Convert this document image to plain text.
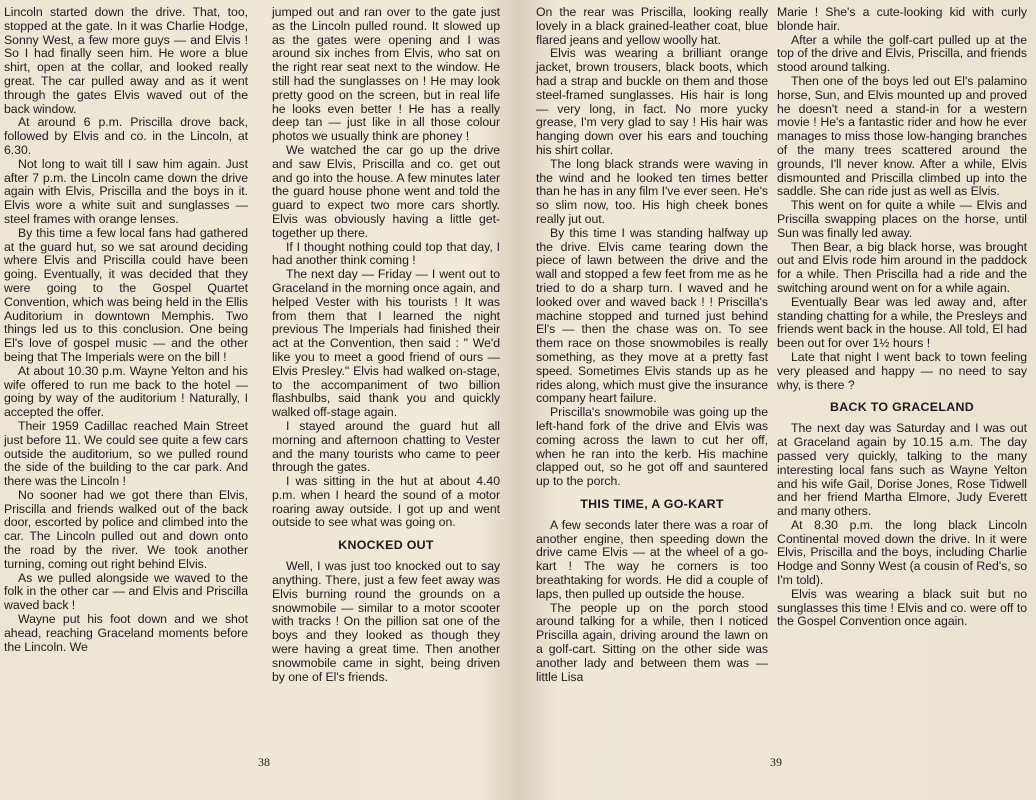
Lincoln started down the drive. That, too, stopped at the gate. In it was Charlie Hodge, Sonny West, a few more guys — and Elvis ! So I had finally seen him. He wore a blue shirt, open at the collar, and looked really great. The car pulled away and as it went through the gates Elvis waved out of the back window.

At around 6 p.m. Priscilla drove back, followed by Elvis and co. in the Lincoln, at 6.30.

Not long to wait till I saw him again. Just after 7 p.m. the Lincoln came down the drive again with Elvis, Priscilla and the boys in it. Elvis wore a white suit and sunglasses — steel frames with orange lenses.

By this time a few local fans had gathered at the guard hut, so we sat around deciding where Elvis and Priscilla could have been going. Eventually, it was decided that they were going to the Gospel Quartet Convention, which was being held in the Ellis Auditorium in downtown Memphis. Two things led us to this conclusion. One being El's love of gospel music — and the other being that The Imperials were on the bill !

At about 10.30 p.m. Wayne Yelton and his wife offered to run me back to the hotel — going by way of the auditorium ! Naturally, I accepted the offer.

Their 1959 Cadillac reached Main Street just before 11. We could see quite a few cars outside the auditorium, so we pulled round the side of the building to the car park. And there was the Lincoln !

No sooner had we got there than Elvis, Priscilla and friends walked out of the back door, escorted by police and climbed into the car. The Lincoln pulled out and down onto the road by the river. We took another turning, coming out right behind Elvis.

As we pulled alongside we waved to the folk in the other car — and Elvis and Priscilla waved back !

Wayne put his foot down and we shot ahead, reaching Graceland moments before the Lincoln. We

jumped out and ran over to the gate just as the Lincoln pulled round. It slowed up as the gates were opening and I was around six inches from Elvis, who sat on the right rear seat next to the window. He still had the sunglasses on ! He may look pretty good on the screen, but in real life he looks even better ! He has a really deep tan — just like in all those colour photos we usually think are phoney !

We watched the car go up the drive and saw Elvis, Priscilla and co. get out and go into the house. A few minutes later the guard house phone went and told the guard to expect two more cars shortly. Elvis was obviously having a little get-together up there.

If I thought nothing could top that day, I had another think coming !

The next day — Friday — I went out to Graceland in the morning once again, and helped Vester with his tourists ! It was from them that I learned the night previous The Imperials had finished their act at the Convention, then said : " We'd like you to meet a good friend of ours — Elvis Presley." Elvis had walked on-stage, to the accompaniment of two billion flashbulbs, said thank you and quickly walked off-stage again.

I stayed around the guard hut all morning and afternoon chatting to Vester and the many tourists who came to peer through the gates.

I was sitting in the hut at about 4.40 p.m. when I heard the sound of a motor roaring away outside. I got up and went outside to see what was going on.

KNOCKED OUT

Well, I was just too knocked out to say anything. There, just a few feet away was Elvis burning round the grounds on a snowmobile — similar to a motor scooter with tracks ! On the pillion sat one of the boys and they looked as though they were having a great time. Then another snowmobile came in sight, being driven by one of El's friends.

38

On the rear was Priscilla, looking really lovely in a black grained-leather coat, blue flared jeans and yellow woolly hat.

Elvis was wearing a brilliant orange jacket, brown trousers, black boots, which had a strap and buckle on them and those steel-framed sunglasses. His hair is long — very long, in fact. No more yucky grease, I'm very glad to say ! His hair was hanging down over his ears and touching his shirt collar.

The long black strands were waving in the wind and he looked ten times better than he has in any film I've ever seen. He's so slim now, too. His high cheek bones really jut out.

By this time I was standing halfway up the drive. Elvis came tearing down the piece of lawn between the drive and the wall and stopped a few feet from me as he tried to do a sharp turn. I waved and he looked over and waved back ! ! Priscilla's machine stopped and turned just behind El's — then the chase was on. To see them race on those snowmobiles is really something, as they move at a pretty fast speed. Sometimes Elvis stands up as he rides along, which must give the insurance company heart failure.

Priscilla's snowmobile was going up the left-hand fork of the drive and Elvis was coming across the lawn to cut her off, when he ran into the kerb. His machine clapped out, so he got off and sauntered up to the porch.

THIS TIME, A GO-KART

A few seconds later there was a roar of another engine, then speeding down the drive came Elvis — at the wheel of a go-kart ! The way he corners is too breathtaking for words. He did a couple of laps, then pulled up outside the house.

The people up on the porch stood around talking for a while, then I noticed Priscilla again, driving around the lawn on a golf-cart. Sitting on the other side was another lady and between them was — little Lisa

Marie ! She's a cute-looking kid with curly blonde hair.

After a while the golf-cart pulled up at the top of the drive and Elvis, Priscilla, and friends stood around talking.

Then one of the boys led out El's palamino horse, Sun, and Elvis mounted up and proved he doesn't need a stand-in for a western movie ! He's a fantastic rider and how he ever manages to miss those low-hanging branches of the many trees scattered around the grounds, I'll never know. After a while, Elvis dismounted and Priscilla climbed up into the saddle. She can ride just as well as Elvis.

This went on for quite a while — Elvis and Priscilla swapping places on the horse, until Sun was finally led away.

Then Bear, a big black horse, was brought out and Elvis rode him around in the paddock for a while. Then Priscilla had a ride and the switching around went on for a while again.

Eventually Bear was led away and, after standing chatting for a while, the Presleys and friends went back in the house. All told, El had been out for over 1½ hours !

Late that night I went back to town feeling very pleased and happy — no need to say why, is there ?

BACK TO GRACELAND

The next day was Saturday and I was out at Graceland again by 10.15 a.m. The day passed very quickly, talking to the many interesting local fans such as Wayne Yelton and his wife Gail, Dorise Jones, Rose Tidwell and her friend Martha Elmore, Judy Everett and many others.

At 8.30 p.m. the long black Lincoln Continental moved down the drive. In it were Elvis, Priscilla and the boys, including Charlie Hodge and Sonny West (a cousin of Red's, so I'm told).

Elvis was wearing a black suit but no sunglasses this time ! Elvis and co. were off to the Gospel Convention once again.

39
